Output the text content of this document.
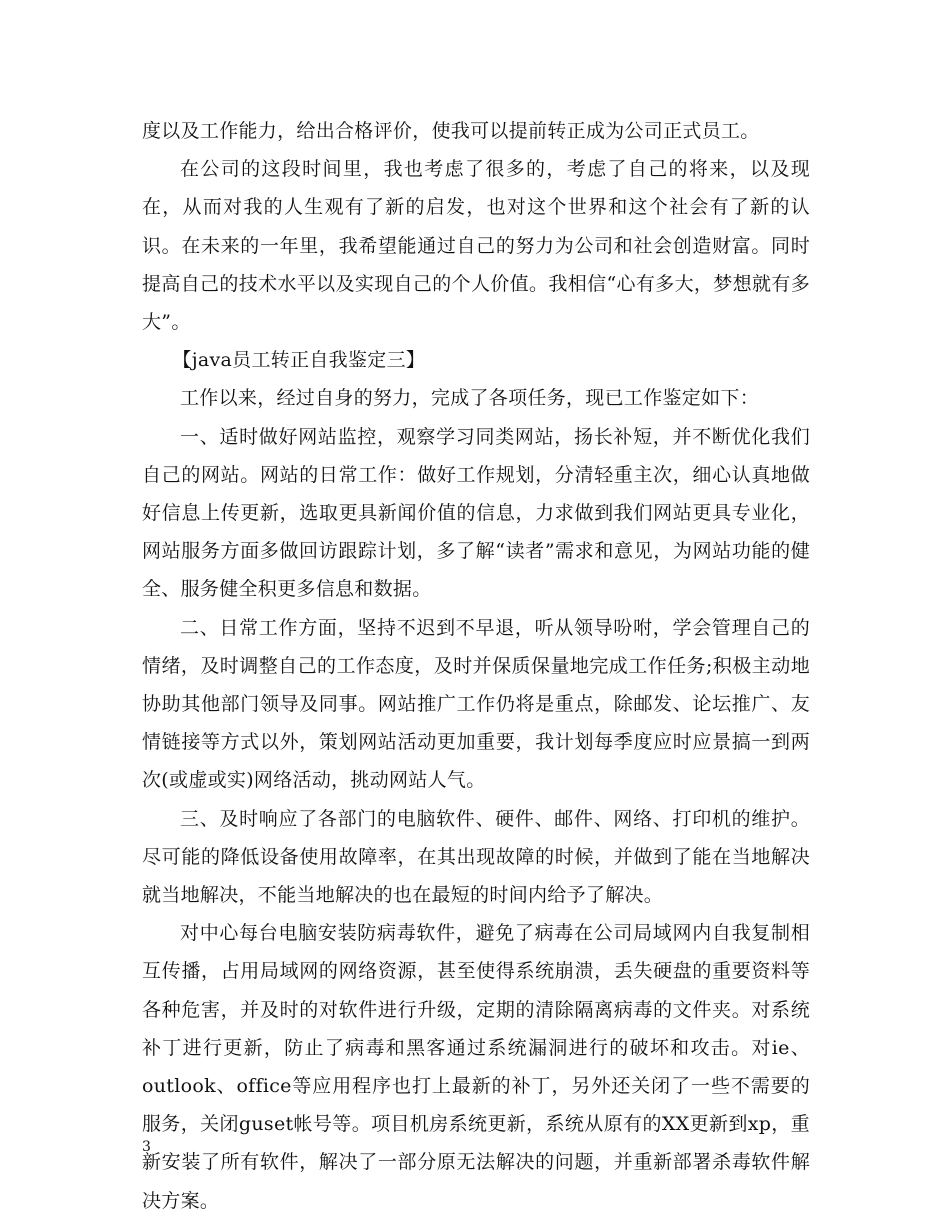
度以及工作能力，给出合格评价，使我可以提前转正成为公司正式员工。

在公司的这段时间里，我也考虑了很多的，考虑了自己的将来，以及现在，从而对我的人生观有了新的启发，也对这个世界和这个社会有了新的认识。在未来的一年里，我希望能通过自己的努力为公司和社会创造财富。同时提高自己的技术水平以及实现自己的个人价值。我相信“心有多大，梦想就有多大”。

【java员工转正自我鉴定三】

工作以来，经过自身的努力，完成了各项任务，现已工作鉴定如下：

一、适时做好网站监控，观察学习同类网站，扬长补短，并不断优化我们自己的网站。网站的日常工作：做好工作规划，分清轻重主次，细心认真地做好信息上传更新，选取更具新闻价值的信息，力求做到我们网站更具专业化，网站服务方面多做回访跟踪计划，多了解“读者”需求和意见，为网站功能的健全、服务健全积更多信息和数据。

二、日常工作方面，坚持不迟到不早退，听从领导吩咐，学会管理自己的情绪，及时调整自己的工作态度，及时并保质保量地完成工作任务;积极主动地协助其他部门领导及同事。网站推广工作仍将是重点，除邮发、论坛推广、友情链接等方式以外，策划网站活动更加重要，我计划每季度应时应景搞一到两次(或虚或实)网络活动，挑动网站人气。

三、及时响应了各部门的电脑软件、硬件、邮件、网络、打印机的维护。尽可能的降低设备使用故障率，在其出现故障的时候，并做到了能在当地解决就当地解决，不能当地解决的也在最短的时间内给予了解决。

对中心每台电脑安装防病毒软件，避免了病毒在公司局域网内自我复制相互传播，占用局域网的网络资源，甚至使得系统崩溃，丢失硬盘的重要资料等各种危害，并及时的对软件进行升级，定期的清除隔离病毒的文件夹。对系统补丁进行更新，防止了病毒和黑客通过系统漏洞进行的破坏和攻击。对ie、outlook、office等应用程序也打上最新的补丁，另外还关闭了一些不需要的服务，关闭guset帐号等。项目机房系统更新，系统从原有的XX更新到xp，重新安装了所有软件，解决了一部分原无法解决的问题，并重新部署杀毒软件解决方案。

3
